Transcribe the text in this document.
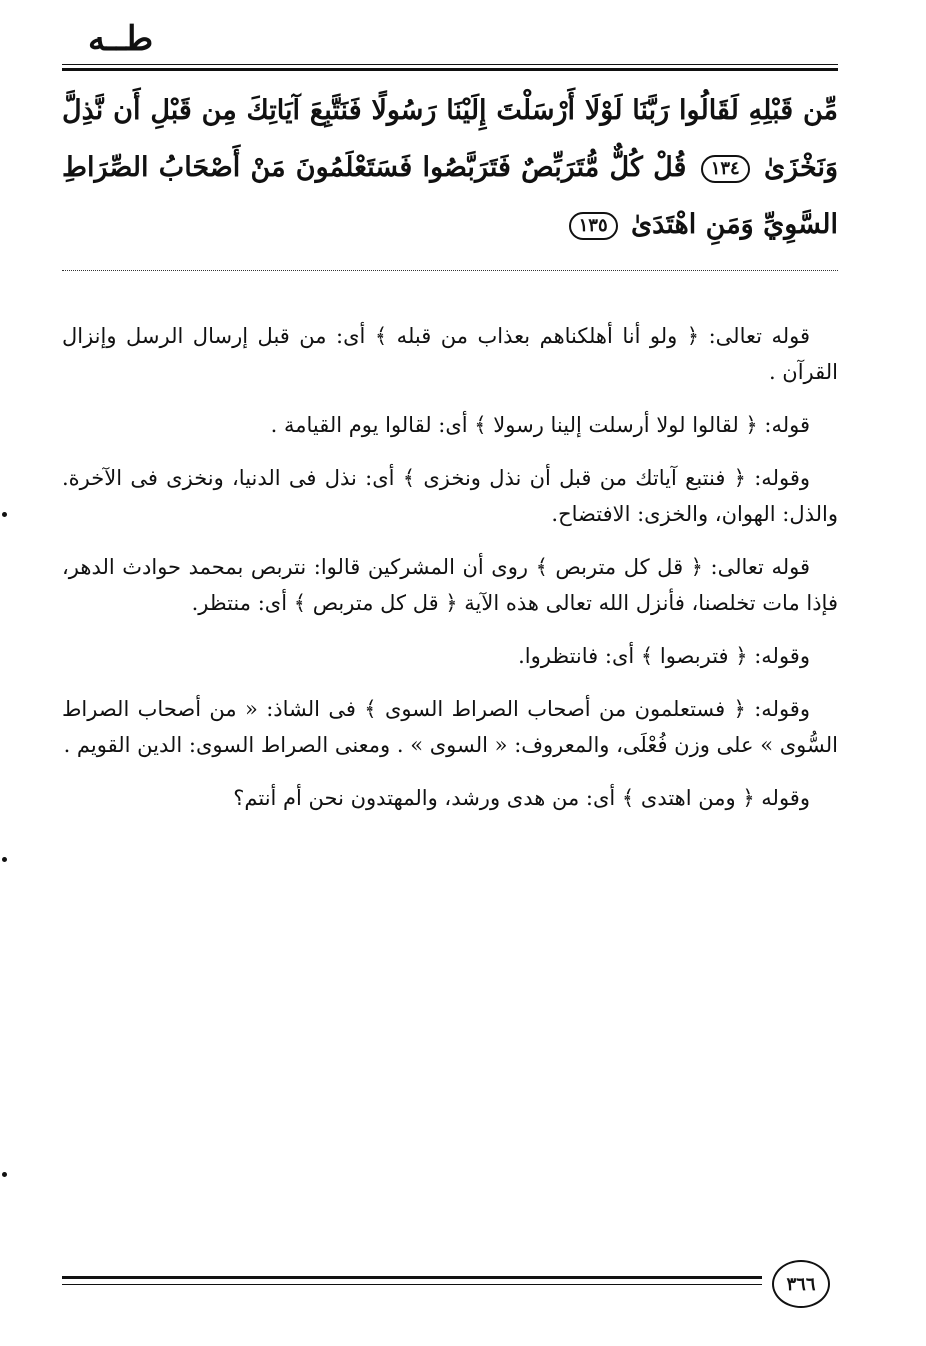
طــه
مِّن قَبْلِهِ لَقَالُوا رَبَّنَا لَوْلَا أَرْسَلْتَ إِلَيْنَا رَسُولًا فَنَتَّبِعَ آيَاتِكَ مِن قَبْلِ أَن نَّذِلَّ وَنَخْزَىٰ ١٣٤ قُلْ كُلٌّ مُّتَرَبِّصٌ فَتَرَبَّصُوا فَسَتَعْلَمُونَ مَنْ أَصْحَابُ الصِّرَاطِ السَّوِيِّ وَمَنِ اهْتَدَىٰ ١٣٥

قوله تعالى: ﴿ ولو أنا أهلكناهم بعذاب من قبله ﴾ أى: من قبل إرسال الرسل وإنزال القرآن .

قوله: ﴿ لقالوا لولا أرسلت إلينا رسولا ﴾ أى: لقالوا يوم القيامة .

وقوله: ﴿ فنتبع آياتك من قبل أن نذل ونخزى ﴾ أى: نذل فى الدنيا، ونخزى فى الآخرة. والذل: الهوان، والخزى: الافتضاح.

قوله تعالى: ﴿ قل كل متربص ﴾ روى أن المشركين قالوا: نتربص بمحمد حوادث الدهر، فإذا مات تخلصنا، فأنزل الله تعالى هذه الآية ﴿ قل كل متربص ﴾ أى: منتظر.

وقوله: ﴿ فتربصوا ﴾ أى: فانتظروا.

وقوله: ﴿ فستعلمون من أصحاب الصراط السوى ﴾ فى الشاذ: « من أصحاب الصراط السُّوى » على وزن فُعْلَى، والمعروف: « السوى » . ومعنى الصراط السوى: الدين القويم .

وقوله ﴿ ومن اهتدى ﴾ أى: من هدى ورشد، والمهتدون نحن أم أنتم؟

٣٦٦
